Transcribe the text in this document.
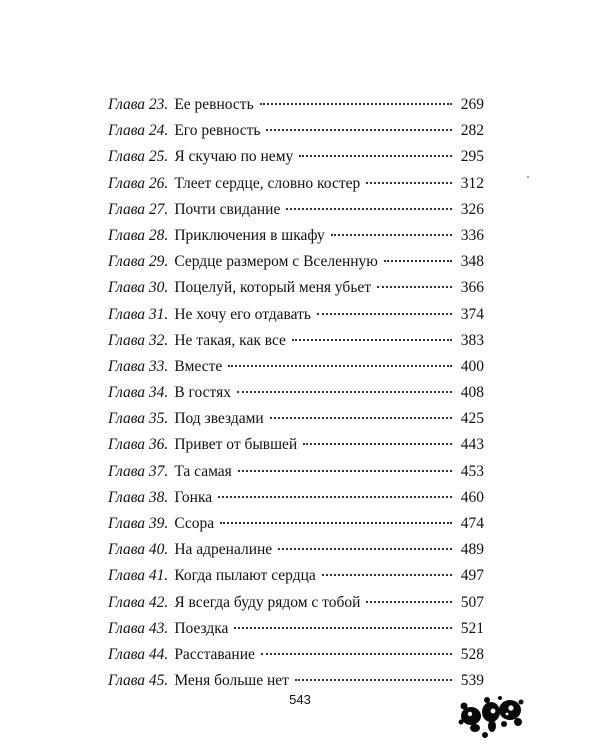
Глава 23. Ее ревность	269
Глава 24. Его ревность	282
Глава 25. Я скучаю по нему	295
Глава 26. Тлеет сердце, словно костер	312
Глава 27. Почти свидание	326
Глава 28. Приключения в шкафу	336
Глава 29. Сердце размером с Вселенную	348
Глава 30. Поцелуй, который меня убьет	366
Глава 31. Не хочу его отдавать	374
Глава 32. Не такая, как все	383
Глава 33. Вместе	400
Глава 34. В гостях	408
Глава 35. Под звездами	425
Глава 36. Привет от бывшей	443
Глава 37. Та самая	453
Глава 38. Гонка	460
Глава 39. Ссора	474
Глава 40. На адреналине	489
Глава 41. Когда пылают сердца	497
Глава 42. Я всегда буду рядом с тобой	507
Глава 43. Поездка	521
Глава 44. Расставание	528
Глава 45. Меня больше нет	539
543
